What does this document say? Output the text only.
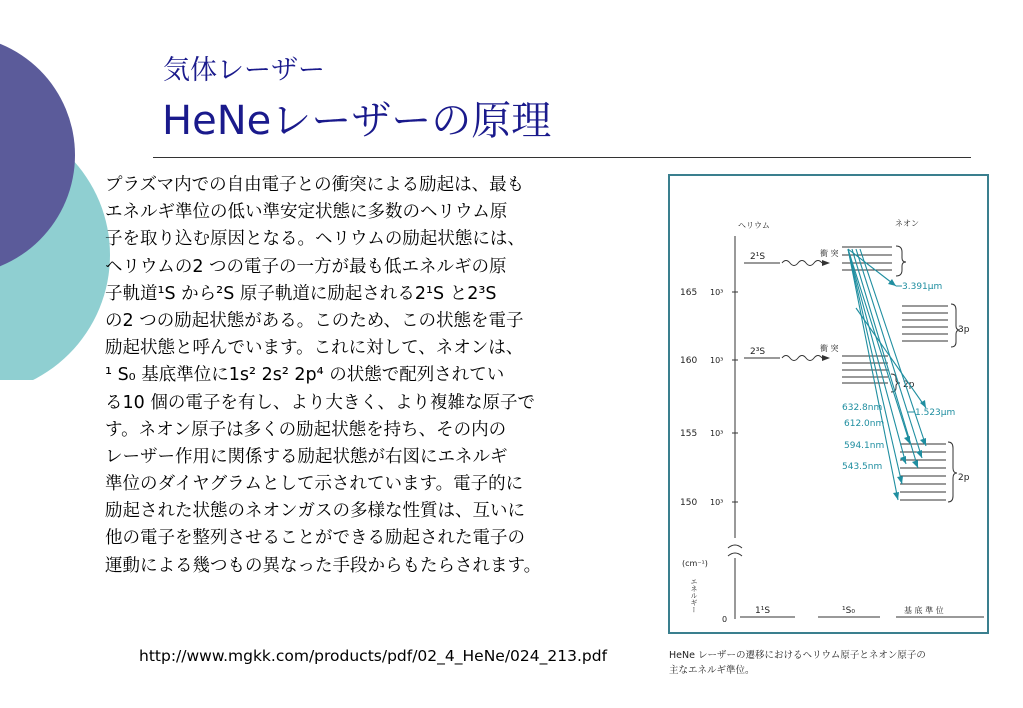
気体レーザー
HeNeレーザーの原理
プラズマ内での自由電子との衝突による励起は、最も
エネルギ準位の低い準安定状態に多数のヘリウム原
子を取り込む原因となる。ヘリウムの励起状態には、
ヘリウムの2 つの電子の一方が最も低エネルギの原
子軌道¹S から²S 原子軌道に励起される2¹S と2³S
の2 つの励起状態がある。このため、この状態を電子
励起状態と呼んでいます。これに対して、ネオンは、
¹ S₀ 基底準位に1s² 2s² 2p⁴ の状態で配列されてい
る10 個の電子を有し、より大きく、より複雑な原子で
す。ネオン原子は多くの励起状態を持ち、その内の
レーザー作用に関係する励起状態が右図にエネルギ
準位のダイヤグラムとして示されています。電子的に
励起された状態のネオンガスの多様な性質は、互いに
他の電子を整列させることができる励起された電子の
運動による幾つもの異なった手段からもたらされます。
http://www.mgkk.com/products/pdf/02_4_HeNe/024_213.pdf
ヘリウム	ネオン
165
160
155
150
10³
10³
10³
10³
(cm⁻¹)
エネルギー
0
2¹S
2³S
衝 突
衝 突
3p
2p
2p
3.391μm
632.8nm
612.0nm
594.1nm
543.5nm
1.523μm
1¹S	¹S₀	基 底 準 位
HeNe レーザーの遷移におけるヘリウム原子とネオン原子の
主なエネルギ準位。
